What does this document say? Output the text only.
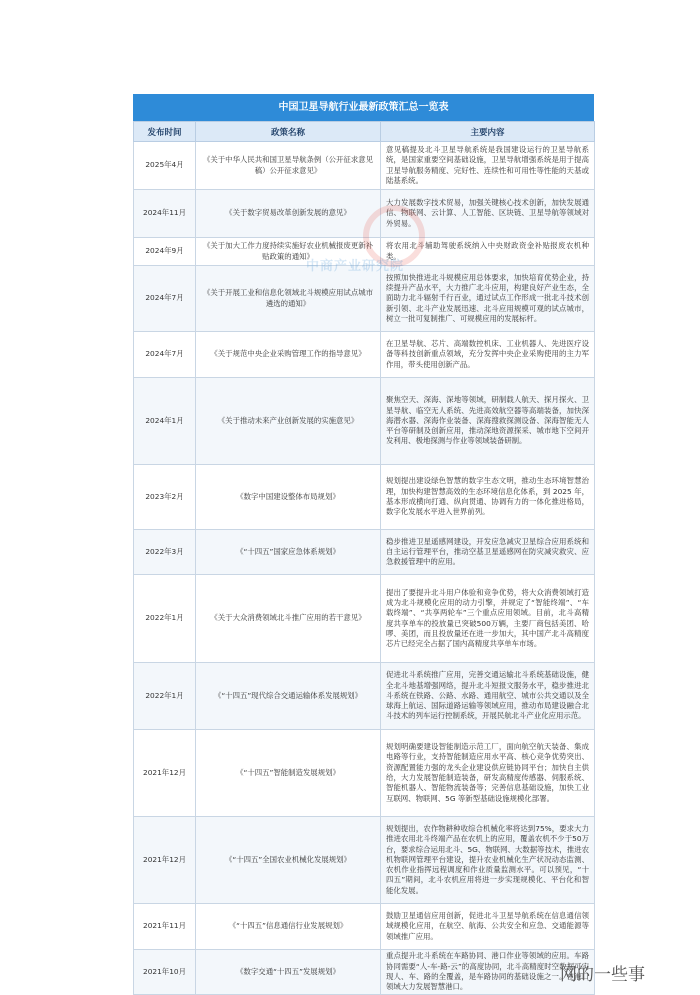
中国卫星导航行业最新政策汇总一览表
发布时间	政策名称	主要内容
2025年4月	《关于中华人民共和国卫星导航条例（公开征求意见稿）公开征求意见》	意见稿提及北斗卫星导航系统是我国建设运行的卫星导航系统，是国家重要空间基础设施，卫星导航增强系统是用于提高卫星导航服务精度、完好性、连续性和可用性等性能的天基或陆基系统。
2024年11月	《关于数字贸易改革创新发展的意见》	大力发展数字技术贸易，加强关键核心技术创新，加快发展通信、物联网、云计算、人工智能、区块链、卫星导航等领域对外贸易。
2024年9月	《关于加大工作力度持续实施好农业机械报废更新补贴政策的通知》	将农用北斗辅助驾驶系统纳入中央财政资金补贴报废农机种类。
2024年7月	《关于开展工业和信息化领域北斗规模应用试点城市遴选的通知》	按照加快推进北斗规模应用总体要求，加快培育优势企业，持续提升产品水平，大力推广北斗应用，构建良好产业生态，全面助力北斗辐射千行百业，通过试点工作形成一批北斗技术创新引领、北斗产业发展迅速、北斗应用规模可观的试点城市，树立一批可复制推广、可规模应用的发展标杆。
2024年7月	《关于规范中央企业采购管理工作的指导意见》	在卫星导航、芯片、高端数控机床、工业机器人、先进医疗设备等科技创新重点领域，充分发挥中央企业采购使用的主力军作用，带头使用创新产品。
2024年1月	《关于推动未来产业创新发展的实施意见》	聚焦空天、深海、深地等领域，研制载人航天、探月探火、卫星导航、临空无人系统、先进高效航空器等高端装备，加快深海潜水器、深海作业装备、深海搜救探测设备、深海智能无人平台等研制及创新应用，推动深地资源探采、城市地下空间开发利用、极地探测与作业等领域装备研制。
2023年2月	《数字中国建设整体布局规划》	规划提出建设绿色智慧的数字生态文明，推动生态环境智慧治理，加快构建智慧高效的生态环境信息化体系，到 2025 年，基本形成横向打通、纵向贯通、协调有力的一体化推进格局，数字化发展水平进入世界前列。
2022年3月	《“十四五”国家应急体系规划》	稳步推进卫星遥感网建设，开发应急减灾卫星综合应用系统和自主运行管理平台，推动空基卫星遥感网在防灾减灾救灾、应急救援管理中的应用。
2022年1月	《关于大众消费领域北斗推广应用的若干意见》	提出了要提升北斗用户体验和竞争优势，将大众消费领域打造成为北斗规模化应用的动力引擎，并规定了“智能终端”、“车载终端”、“共享两轮车”三个重点应用领域。目前，北斗高精度共享单车的投放量已突破500万辆，主要厂商包括美团、哈啰、美团，而且投放量还在进一步加大，其中国产北斗高精度芯片已经完全占据了国内高精度共享单车市场。
2022年1月	《“十四五”现代综合交通运输体系发展规划》	促进北斗系统推广应用，完善交通运输北斗系统基础设施，健全北斗地基增强网络，提升北斗短报文服务水平，稳步推进北斗系统在铁路、公路、水路、通用航空、城市公共交通以及全球海上航运、国际道路运输等领域应用，推动布局建设融合北斗技术的列车运行控制系统，开展民航北斗产业化应用示范。
2021年12月	《“十四五”智能制造发展规划》	规划明确要建设智能制造示范工厂，面向航空航天装备、集成电路等行业，支持智能制造应用水平高、核心竞争优势突出、资源配置能力强的龙头企业建设供应链协同平台；加快自主供给，大力发展智能制造装备，研发高精度传感器、伺服系统、智能机器人、智能物流装备等；完善信息基础设施，加快工业互联网、物联网、5G 等新型基础设施规模化部署。
2021年12月	《“十四五”全国农业机械化发展规划》	规划提出，农作物耕种收综合机械化率将达到75%，要求大力推进农用北斗终端产品在农机上的应用，覆盖农机不少于50万台，要求综合运用北斗、5G、物联网、大数据等技术，推进农机物联网管理平台建设，提升农业机械化生产状况动态监测、农机作业指挥远程调度和作业质量监测水平。可以预见，“十四五”期间，北斗农机应用将进一步实现规模化、平台化和智能化发展。
2021年11月	《“十四五”信息通信行业发展规划》	鼓励卫星通信应用创新，促进北斗卫星导航系统在信息通信领域规模化应用，在航空、航海、公共安全和应急、交通能源等领域推广应用。
2021年10月	《数字交通“十四五”发展规划》	重点提升北斗系统在车路协同、港口作业等领域的应用。车路协同需要“人-车-路-云”的高度协同，北斗高精度时空数据可实现人、车、路的全覆盖，是车路协同的基础设施之一。在港口领域大力发展智慧港口。
中商产业研究院
网的一些事
